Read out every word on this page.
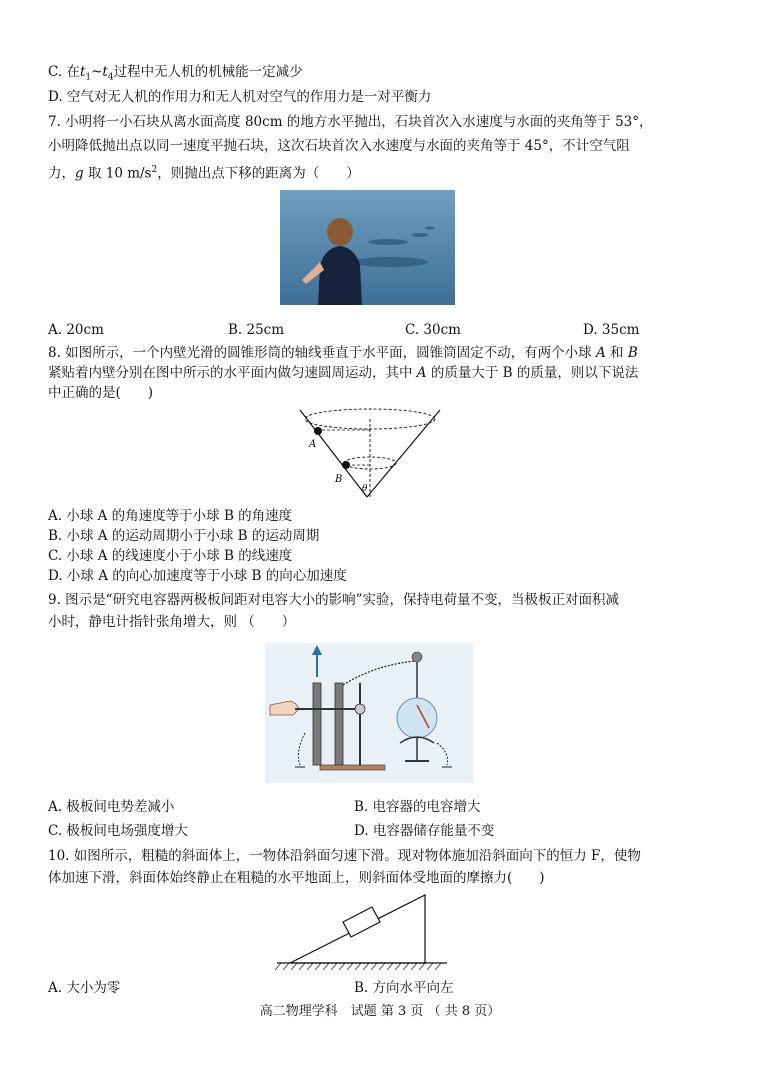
C. 在$t_1\sim t_4$过程中无人机的机械能一定减少
D. 空气对无人机的作用力和无人机对空气的作用力是一对平衡力
7. 小明将一小石块从离水面高度 80cm 的地方水平抛出，石块首次入水速度与水面的夹角等于 53°，
小明降低抛出点以同一速度平抛石块，这次石块首次入水速度与水面的夹角等于 45°，不计空气阻
力，g 取 10 $m/s^2$，则抛出点下移的距离为（　　）
A. 20cm	B. 25cm	C. 30cm	D. 35cm
8. 如图所示，一个内壁光滑的圆锥形筒的轴线垂直于水平面，圆锥筒固定不动，有两个小球 A 和 B
紧贴着内壁分别在图中所示的水平面内做匀速圆周运动，其中 A 的质量大于 B 的质量，则以下说法
中正确的是(　　)
A
B
θ
A. 小球 A 的角速度等于小球 B 的角速度
B. 小球 A 的运动周期小于小球 B 的运动周期
C. 小球 A 的线速度小于小球 B 的线速度
D. 小球 A 的向心加速度等于小球 B 的向心加速度
9. 图示是“研究电容器两极板间距对电容大小的影响”实验，保持电荷量不变，当极板正对面积减
小时，静电计指针张角增大，则 （　　）
A. 极板间电势差减小	B. 电容器的电容增大
C. 极板间电场强度增大	D. 电容器储存能量不变
10. 如图所示，粗糙的斜面体上，一物体沿斜面匀速下滑。现对物体施加沿斜面向下的恒力 F，使物
体加速下滑，斜面体始终静止在粗糙的水平地面上，则斜面体受地面的摩擦力(　　)
A. 大小为零	B. 方向水平向左
高二物理学科　试题 第 3 页 （ 共 8 页）
